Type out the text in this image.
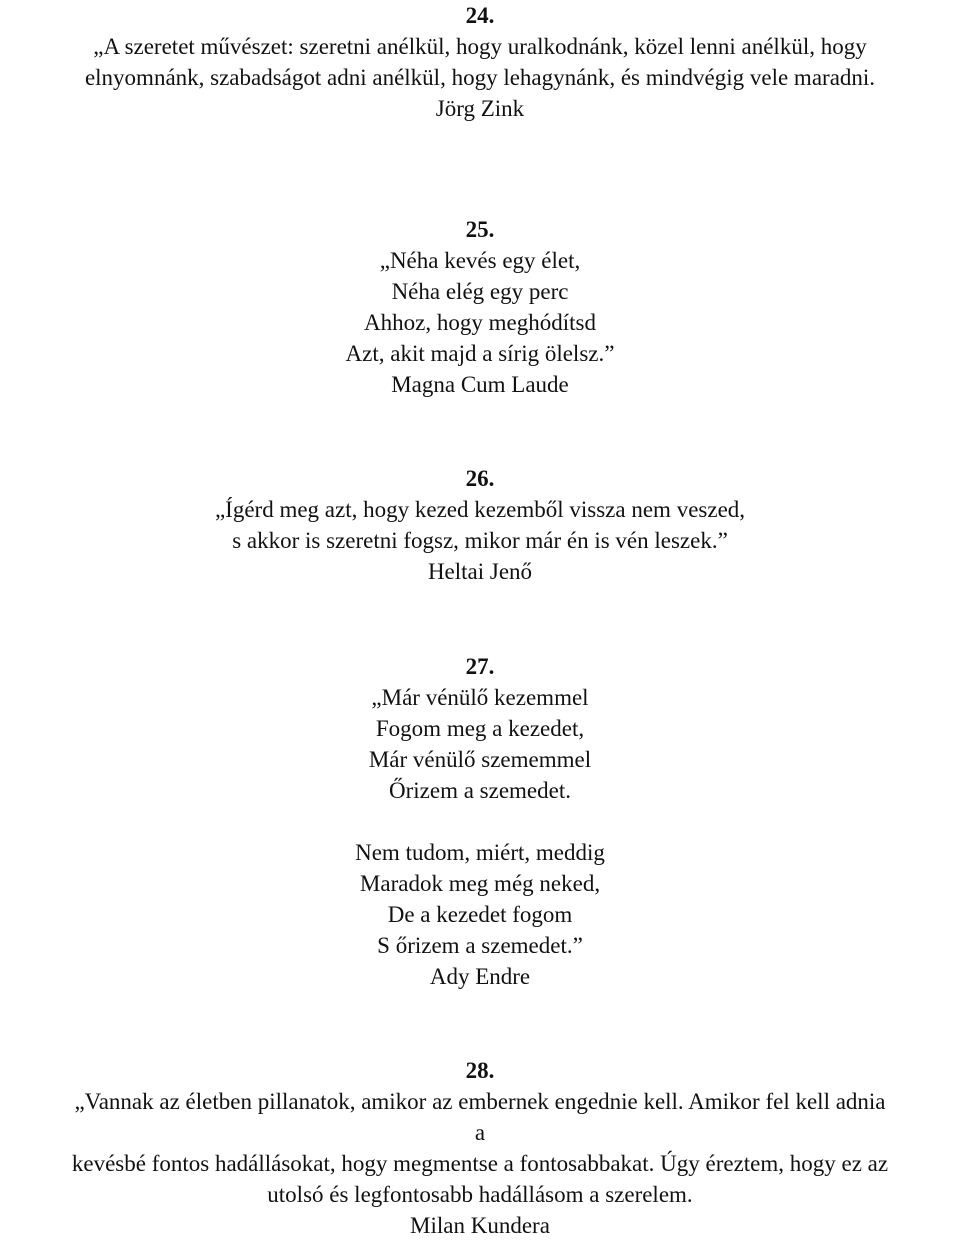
24.
„A szeretet művészet: szeretni anélkül, hogy uralkodnánk, közel lenni anélkül, hogy
elnyomnánk, szabadságot adni anélkül, hogy lehagynánk, és mindvégig vele maradni.
Jörg Zink
25.
„Néha kevés egy élet,
Néha elég egy perc
Ahhoz, hogy meghódítsd
Azt, akit majd a sírig ölelsz.”
Magna Cum Laude
26.
„Ígérd meg azt, hogy kezed kezemből vissza nem veszed,
s akkor is szeretni fogsz, mikor már én is vén leszek.”
Heltai Jenő
27.
„Már vénülő kezemmel
Fogom meg a kezedet,
Már vénülő szememmel
Őrizem a szemedet.
Nem tudom, miért, meddig
Maradok meg még neked,
De a kezedet fogom
S őrizem a szemedet.”
Ady Endre
28.
„Vannak az életben pillanatok, amikor az embernek engednie kell. Amikor fel kell adnia
a
kevésbé fontos hadállásokat, hogy megmentse a fontosabbakat. Úgy éreztem, hogy ez az
utolsó és legfontosabb hadállásom a szerelem.
Milan Kundera
